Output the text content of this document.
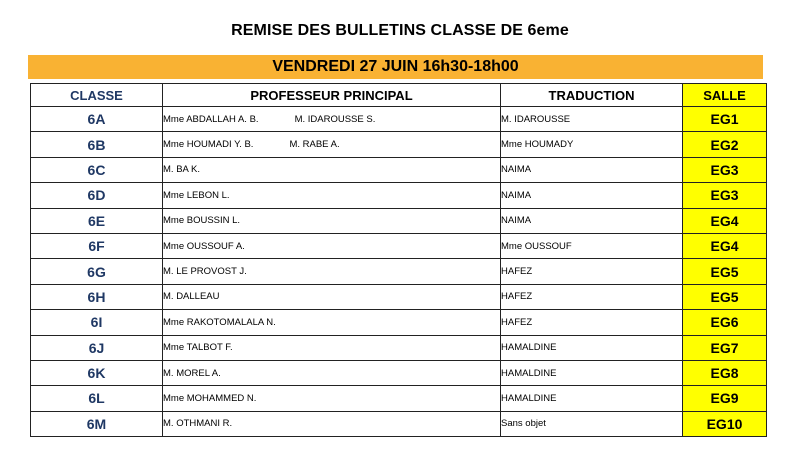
REMISE DES BULLETINS CLASSE DE 6eme
VENDREDI 27 JUIN 16h30-18h00
CLASSE	PROFESSEUR PRINCIPAL	TRADUCTION	SALLE
6A	Mme ABDALLAH A. B. M. IDAROUSSE S.	M. IDAROUSSE	EG1
6B	Mme HOUMADI Y. B. M. RABE A.	Mme HOUMADY	EG2
6C	M. BA K.	NAIMA	EG3
6D	Mme LEBON L.	NAIMA	EG3
6E	Mme BOUSSIN L.	NAIMA	EG4
6F	Mme OUSSOUF A.	Mme OUSSOUF	EG4
6G	M. LE PROVOST J.	HAFEZ	EG5
6H	M. DALLEAU	HAFEZ	EG5
6I	Mme RAKOTOMALALA N.	HAFEZ	EG6
6J	Mme TALBOT F.	HAMALDINE	EG7
6K	M. MOREL A.	HAMALDINE	EG8
6L	Mme MOHAMMED N.	HAMALDINE	EG9
6M	M. OTHMANI R.	Sans objet	EG10
